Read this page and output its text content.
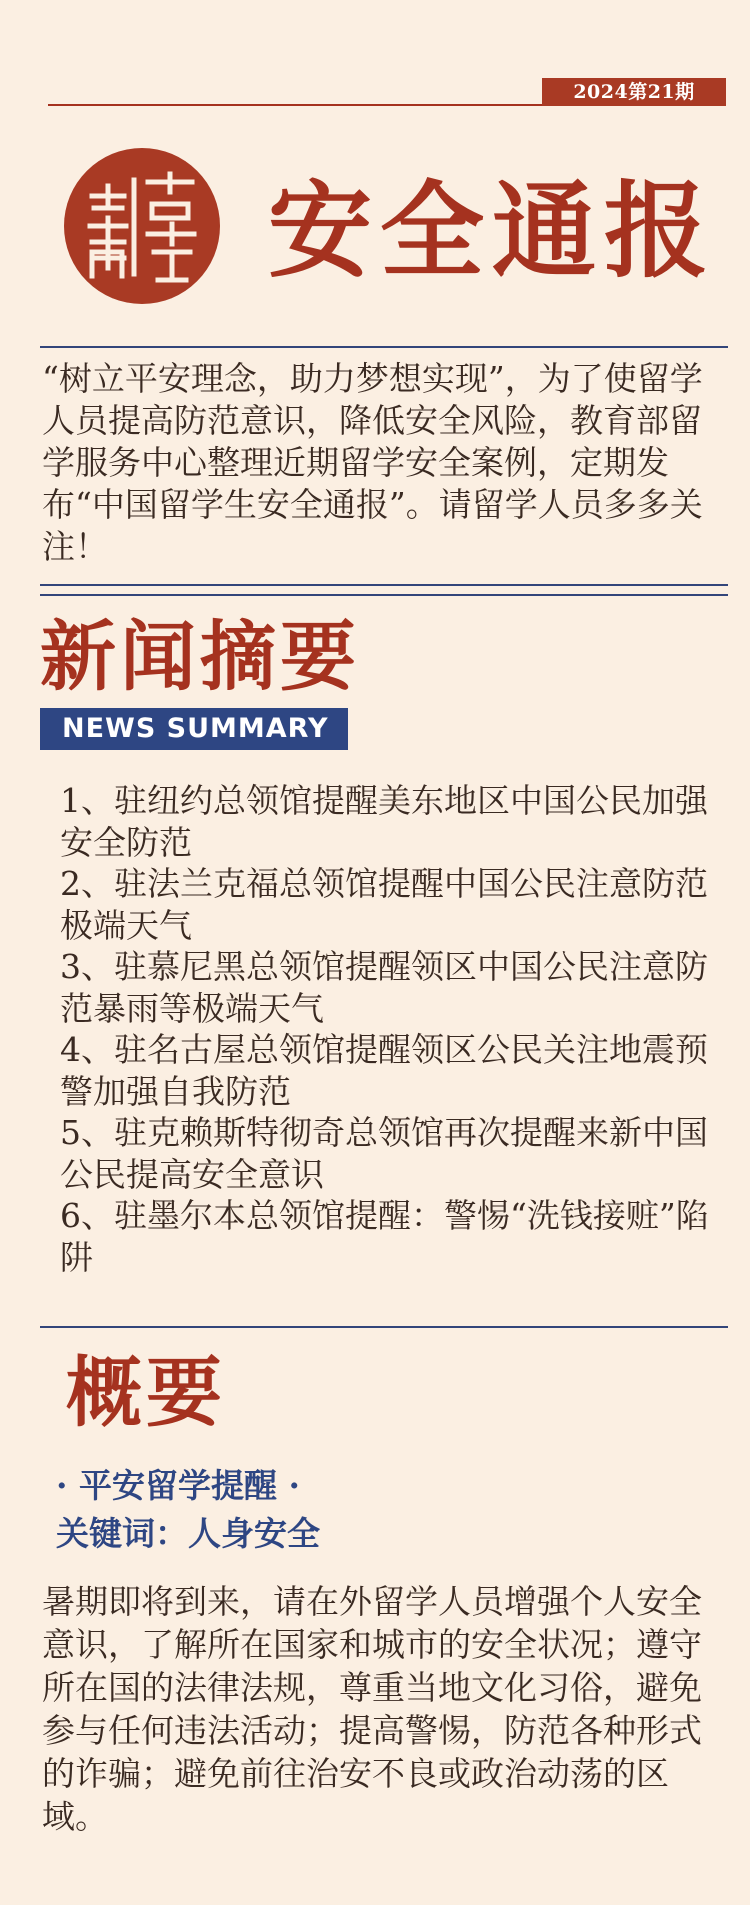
2024第21期
安全通报
“树立平安理念，助力梦想实现”，为了使留学人员提高防范意识，降低安全风险，教育部留学服务中心整理近期留学安全案例，定期发布“中国留学生安全通报”。请留学人员多多关注！
新闻摘要
NEWS SUMMARY

1、驻纽约总领馆提醒美东地区中国公民加强安全防范

2、驻法兰克福总领馆提醒中国公民注意防范极端天气

3、驻慕尼黑总领馆提醒领区中国公民注意防范暴雨等极端天气

4、驻名古屋总领馆提醒领区公民关注地震预警加强自我防范

5、驻克赖斯特彻奇总领馆再次提醒来新中国公民提高安全意识

6、驻墨尔本总领馆提醒：警惕“洗钱接赃”陷阱

概要
· 平安留学提醒 ·
关键词：人身安全
暑期即将到来，请在外留学人员增强个人安全意识，了解所在国家和城市的安全状况；遵守所在国的法律法规，尊重当地文化习俗，避免参与任何违法活动；提高警惕，防范各种形式的诈骗；避免前往治安不良或政治动荡的区域。
